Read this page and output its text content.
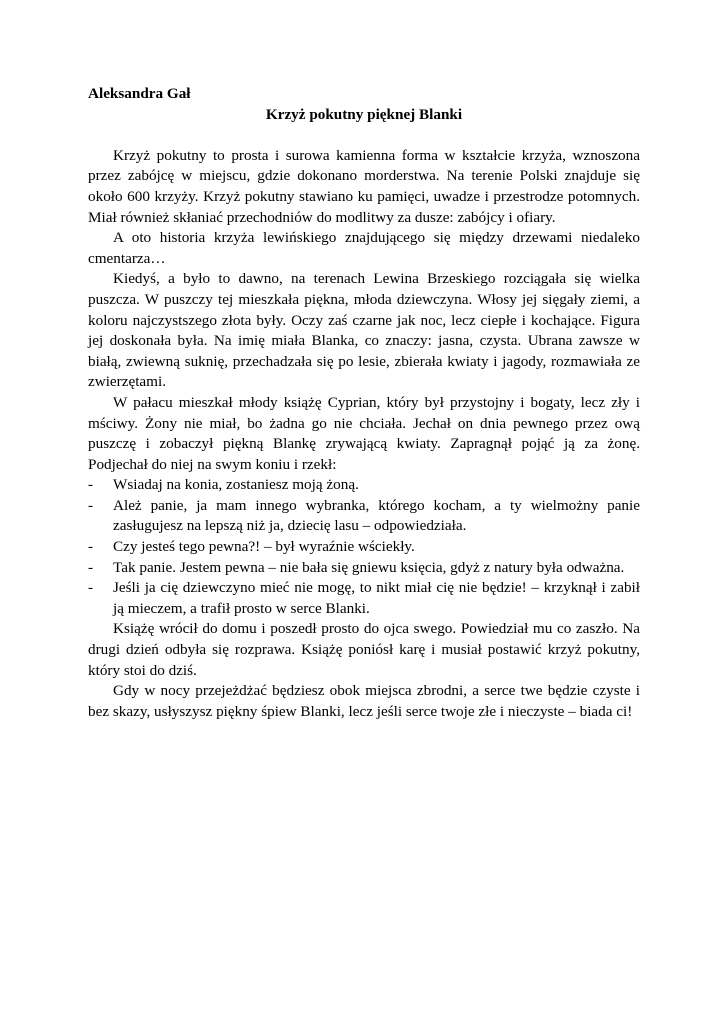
Aleksandra Gał

Krzyż pokutny pięknej Blanki

Krzyż pokutny to prosta i surowa kamienna forma w kształcie krzyża, wznoszona przez zabójcę w miejscu, gdzie dokonano morderstwa. Na terenie Polski znajduje się około 600 krzyży. Krzyż pokutny stawiano ku pamięci, uwadze i przestrodze potomnych. Miał również skłaniać przechodniów do modlitwy za dusze: zabójcy i ofiary.

A oto historia krzyża lewińskiego znajdującego się między drzewami niedaleko cmentarza…

Kiedyś, a było to dawno, na terenach Lewina Brzeskiego rozciągała się wielka puszcza. W puszczy tej mieszkała piękna, młoda dziewczyna. Włosy jej sięgały ziemi, a koloru najczystszego złota były. Oczy zaś czarne jak noc, lecz ciepłe i kochające. Figura jej doskonała była. Na imię miała Blanka, co znaczy: jasna, czysta. Ubrana zawsze w białą, zwiewną suknię, przechadzała się po lesie, zbierała kwiaty i jagody, rozmawiała ze zwierzętami.

W pałacu mieszkał młody książę Cyprian, który był przystojny i bogaty, lecz zły i mściwy. Żony nie miał, bo żadna go nie chciała. Jechał on dnia pewnego przez ową puszczę i zobaczył piękną Blankę zrywającą kwiaty. Zapragnął pojąć ją za żonę. Podjechał do niej na swym koniu i rzekł:

-	Wsiadaj na konia, zostaniesz moją żoną.
-	Ależ panie, ja mam innego wybranka, którego kocham, a ty wielmożny panie zasługujesz na lepszą niż ja, dziecię lasu – odpowiedziała.
-	Czy jesteś tego pewna?! – był wyraźnie wściekły.
-	Tak panie. Jestem pewna – nie bała się gniewu księcia, gdyż z natury była odważna.
-	Jeśli ja cię dziewczyno mieć nie mogę, to nikt miał cię nie będzie! – krzyknął i zabił ją mieczem, a trafił prosto w serce Blanki.

Książę wrócił do domu i poszedł prosto do ojca swego. Powiedział mu co zaszło. Na drugi dzień odbyła się rozprawa. Książę poniósł karę i musiał postawić krzyż pokutny, który stoi do dziś.

Gdy w nocy przejeżdżać będziesz obok miejsca zbrodni, a serce twe będzie czyste i bez skazy, usłyszysz piękny śpiew Blanki, lecz jeśli serce twoje złe i nieczyste – biada ci!
